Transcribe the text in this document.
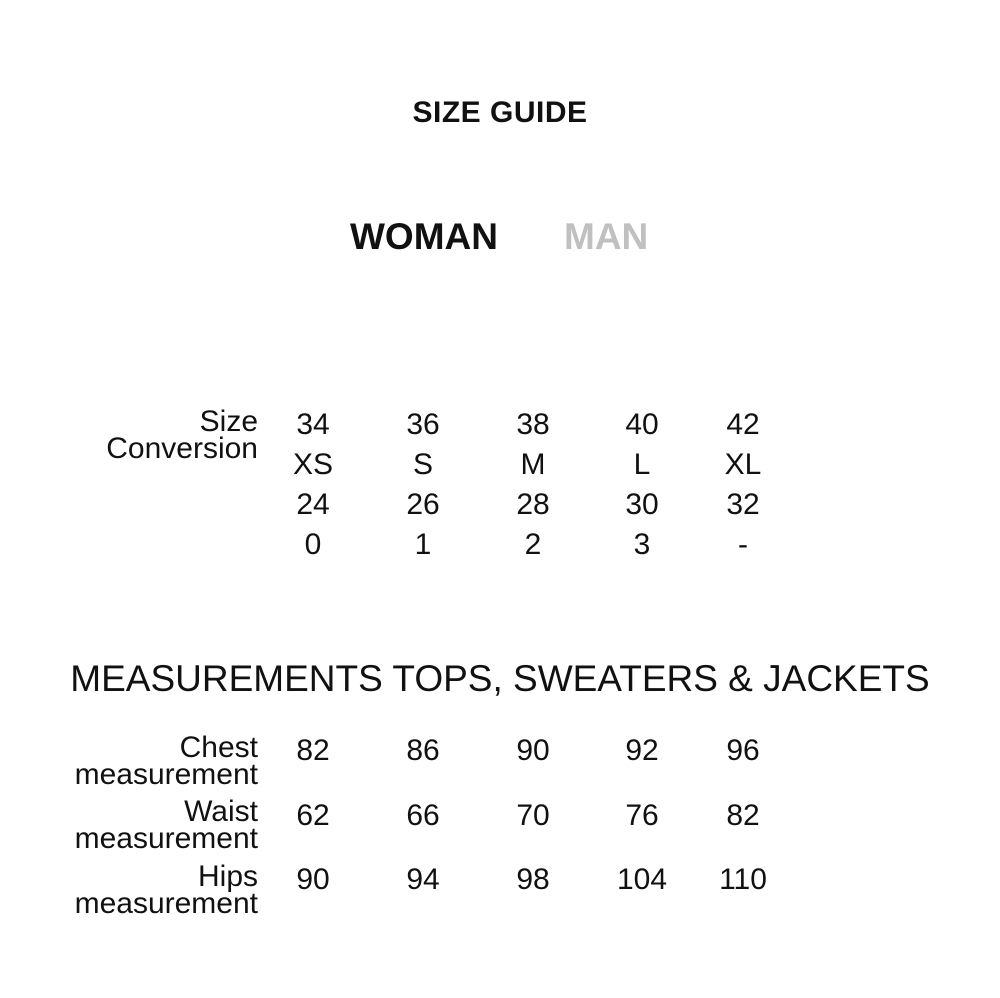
SIZE GUIDE
WOMAN MAN
Size
Conversion
34	36	38	40	42
XS	S	M	L	XL
24	26	28	30	32
0	1	2	3	-
MEASUREMENTS TOPS, SWEATERS & JACKETS
Chest
measurement
82	86	90	92	96
Waist
measurement
62	66	70	76	82
Hips
measurement
90	94	98	104	110
